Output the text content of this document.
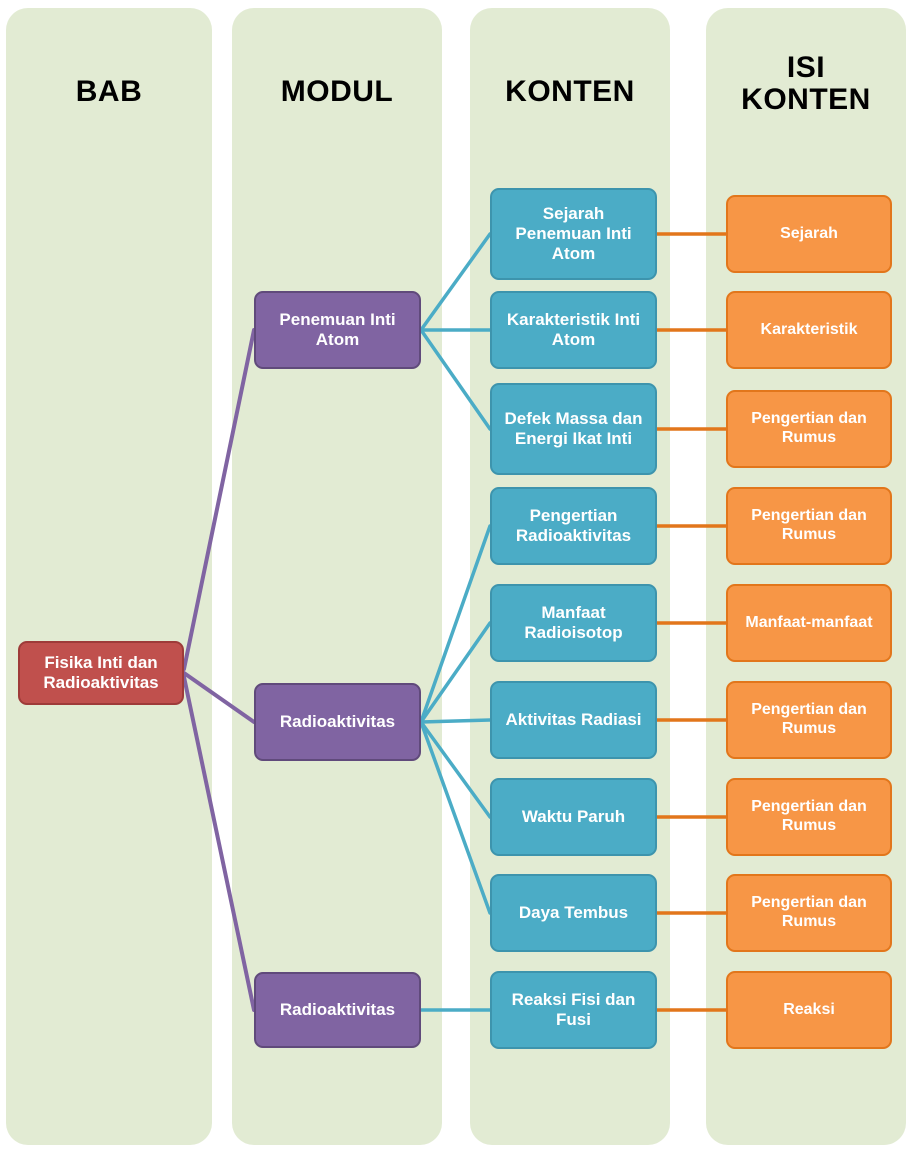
BAB	MODUL	KONTEN
ISI
KONTEN
Fisika Inti dan Radioaktivitas
Penemuan Inti Atom
Radioaktivitas
Radioaktivitas
Sejarah Penemuan Inti Atom
Karakteristik Inti Atom
Defek Massa dan Energi Ikat Inti
Pengertian Radioaktivitas
Manfaat Radioisotop
Aktivitas Radiasi
Waktu Paruh
Daya Tembus
Reaksi Fisi dan Fusi
Sejarah
Karakteristik
Pengertian dan Rumus
Pengertian dan Rumus
Manfaat-manfaat
Pengertian dan Rumus
Pengertian dan Rumus
Pengertian dan Rumus
Reaksi
